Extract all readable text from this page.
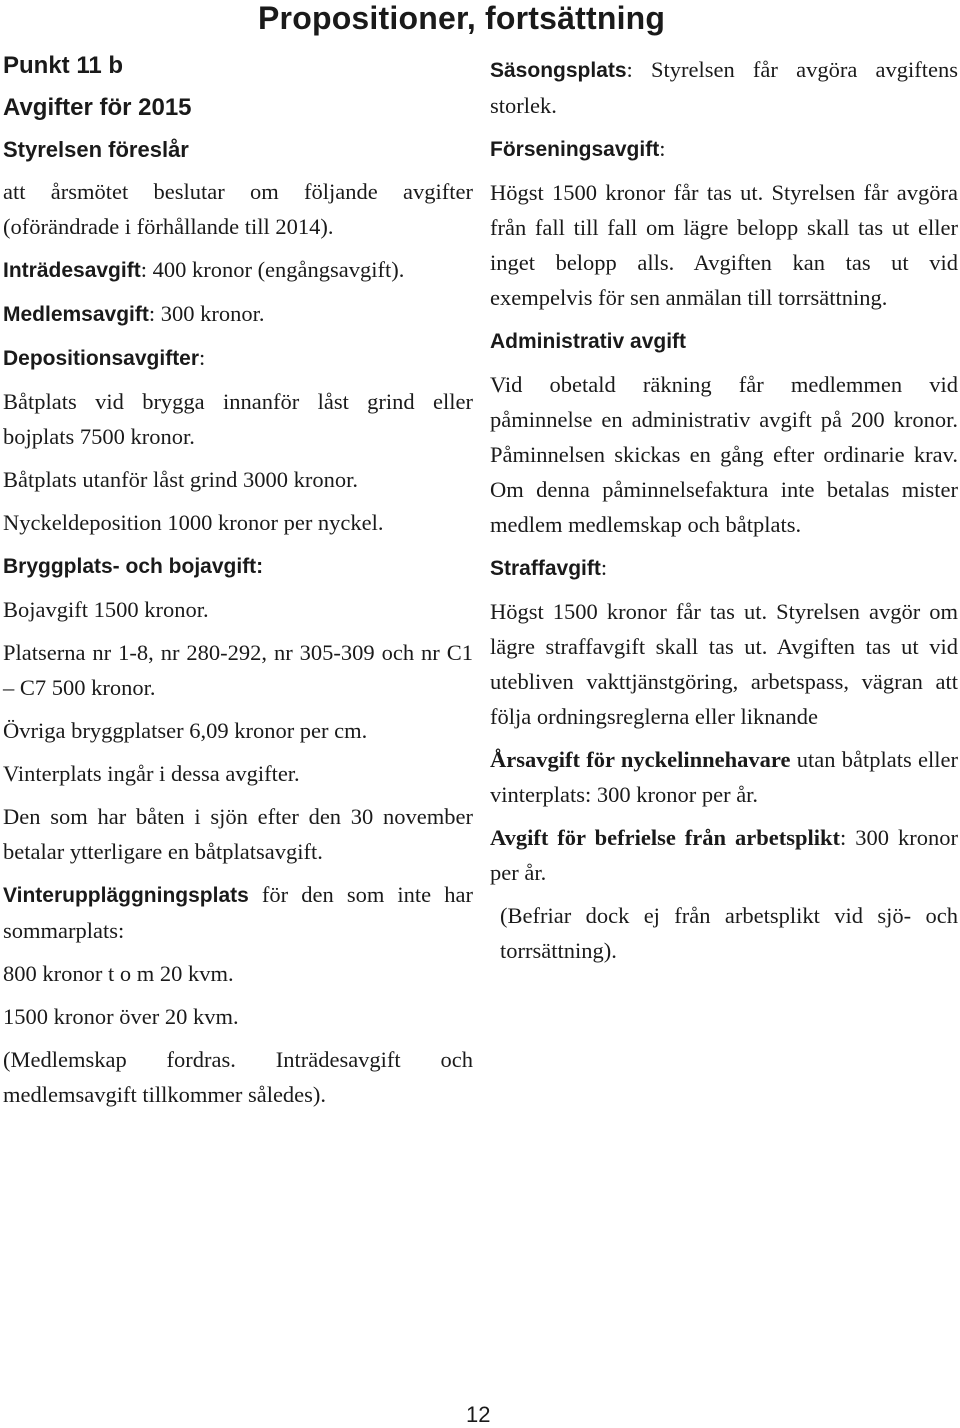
Propositioner, fortsättning
Punkt 11 b
Avgifter för 2015
Styrelsen föreslår

att årsmötet beslutar om följande avgifter (oförändrade i förhållande till 2014).

Inträdesavgift: 400 kronor (engångsavgift).

Medlemsavgift: 300 kronor.

Depositionsavgifter:

Båtplats vid brygga innanför låst grind eller bojplats 7500 kronor.

Båtplats utanför låst grind 3000 kronor.

Nyckeldeposition 1000 kronor per nyckel.

Bryggplats- och bojavgift:

Bojavgift 1500 kronor.

Platserna nr 1-8, nr 280-292, nr 305-309 och nr C1 – C7 500 kronor.

Övriga bryggplatser 6,09 kronor per cm.

Vinterplats ingår i dessa avgifter.

Den som har båten i sjön efter den 30 november betalar ytterligare en båtplatsavgift.

Vinteruppläggningsplats för den som inte har sommarplats:

800 kronor t o m 20 kvm.

1500 kronor över 20 kvm.

(Medlemskap fordras. Inträdesavgift och medlemsavgift tillkommer således).

Säsongsplats: Styrelsen får avgöra avgiftens storlek.

Förseningsavgift:

Högst 1500 kronor får tas ut. Styrelsen får avgöra från fall till fall om lägre belopp skall tas ut eller inget belopp alls. Avgiften kan tas ut vid exempelvis för sen anmälan till torrsättning.

Administrativ avgift

Vid obetald räkning får medlemmen vid påminnelse en administrativ avgift på 200 kronor. Påminnelsen skickas en gång efter ordinarie krav. Om denna påminnelsefaktura inte betalas mister medlem medlemskap och båtplats.

Straffavgift:

Högst 1500 kronor får tas ut. Styrelsen avgör om lägre straffavgift skall tas ut. Avgiften tas ut vid utebliven vakttjänstgöring, arbetspass, vägran att följa ordningsreglerna eller liknande

Årsavgift för nyckelinnehavare utan båtplats eller vinterplats: 300 kronor per år.

Avgift för befrielse från arbetsplikt: 300 kronor per år.

(Befriar dock ej från arbetsplikt vid sjö- och torrsättning).

12
